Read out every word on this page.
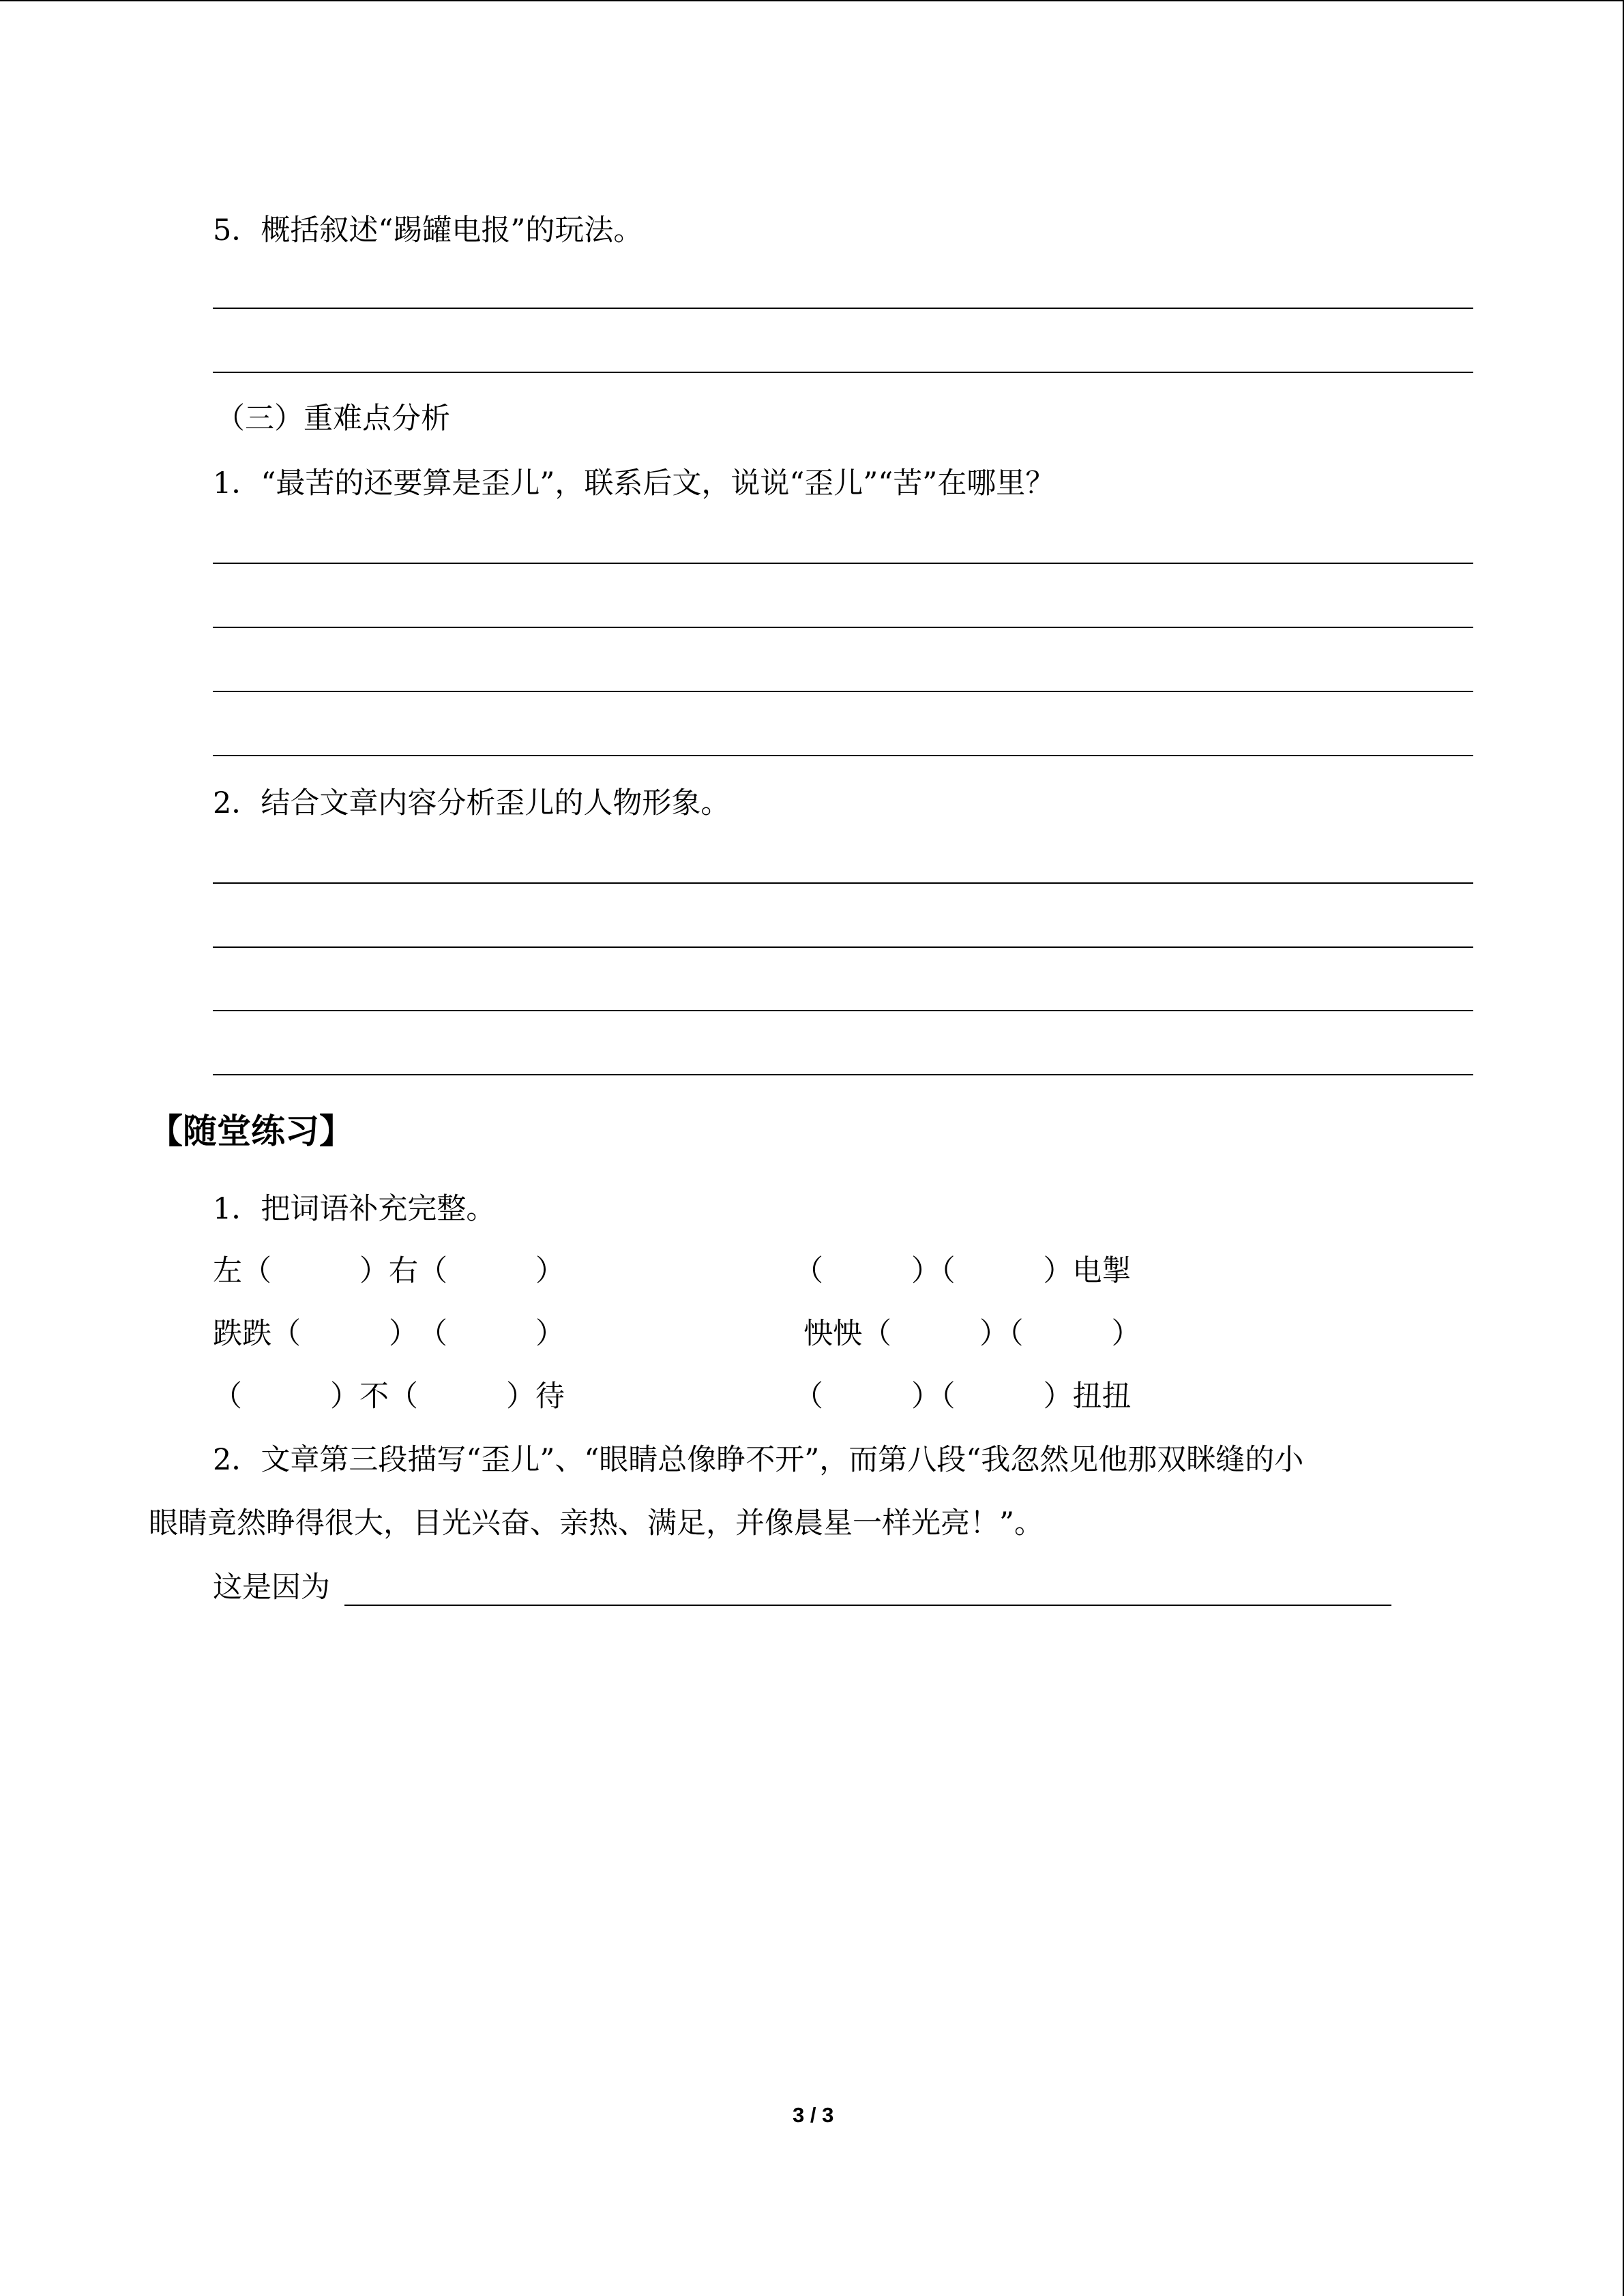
5．概括叙述“踢罐电报”的玩法。
（三）重难点分析
1．“最苦的还要算是歪儿”，联系后文，说说“歪儿”“苦”在哪里？
2．结合文章内容分析歪儿的人物形象。
【随堂练习】
1．把词语补充完整。
左（　　　）右（　　　）	（　　　）（　　　）电掣
跌跌（　　　）　（　　　）	怏怏（　　　）（　　　）
（　　　）不（　　　）待	（　　　）（　　　）扭扭
2．文章第三段描写“歪儿”、“眼睛总像睁不开”，而第八段“我忽然见他那双眯缝的小
眼睛竟然睁得很大，目光兴奋、亲热、满足，并像晨星一样光亮！”。
这是因为
3 / 3
